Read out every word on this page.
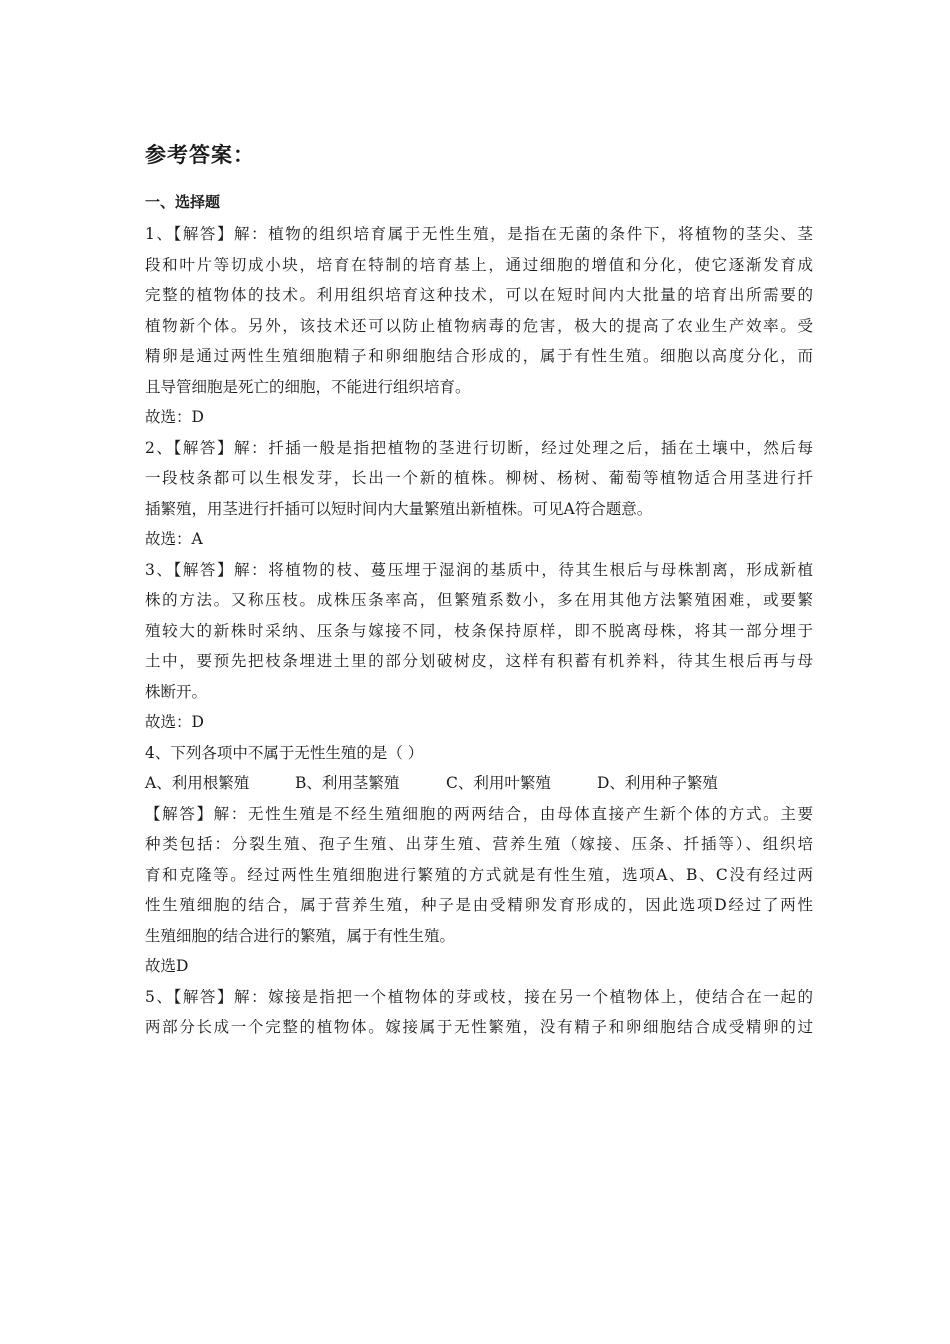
参考答案：
一、选择题
1、【解答】解：植物的组织培育属于无性生殖，是指在无菌的条件下，将植物的茎尖、茎
段和叶片等切成小块，培育在特制的培育基上，通过细胞的增值和分化，使它逐渐发育成
完整的植物体的技术。利用组织培育这种技术，可以在短时间内大批量的培育出所需要的
植物新个体。另外，该技术还可以防止植物病毒的危害，极大的提高了农业生产效率。受
精卵是通过两性生殖细胞精子和卵细胞结合形成的，属于有性生殖。细胞以高度分化，而
且导管细胞是死亡的细胞，不能进行组织培育。
故选：D
2、【解答】解：扦插一般是指把植物的茎进行切断，经过处理之后，插在土壤中，然后每
一段枝条都可以生根发芽，长出一个新的植株。柳树、杨树、葡萄等植物适合用茎进行扦
插繁殖，用茎进行扦插可以短时间内大量繁殖出新植株。可见A符合题意。
故选：A
3、【解答】解：将植物的枝、蔓压埋于湿润的基质中，待其生根后与母株割离，形成新植
株的方法。又称压枝。成株压条率高，但繁殖系数小，多在用其他方法繁殖困难，或要繁
殖较大的新株时采纳、压条与嫁接不同，枝条保持原样，即不脱离母株，将其一部分埋于
土中，要预先把枝条埋进土里的部分划破树皮，这样有积蓄有机养料，待其生根后再与母
株断开。
故选：D
4、下列各项中不属于无性生殖的是（ ）
A、利用根繁殖	B、利用茎繁殖	C、利用叶繁殖	D、利用种子繁殖
【解答】解：无性生殖是不经生殖细胞的两两结合，由母体直接产生新个体的方式。主要
种类包括：分裂生殖、孢子生殖、出芽生殖、营养生殖（嫁接、压条、扦插等）、组织培
育和克隆等。经过两性生殖细胞进行繁殖的方式就是有性生殖，选项A、B、C没有经过两
性生殖细胞的结合，属于营养生殖，种子是由受精卵发育形成的，因此选项D经过了两性
生殖细胞的结合进行的繁殖，属于有性生殖。
故选D
5、【解答】解：嫁接是指把一个植物体的芽或枝，接在另一个植物体上，使结合在一起的
两部分长成一个完整的植物体。嫁接属于无性繁殖，没有精子和卵细胞结合成受精卵的过
